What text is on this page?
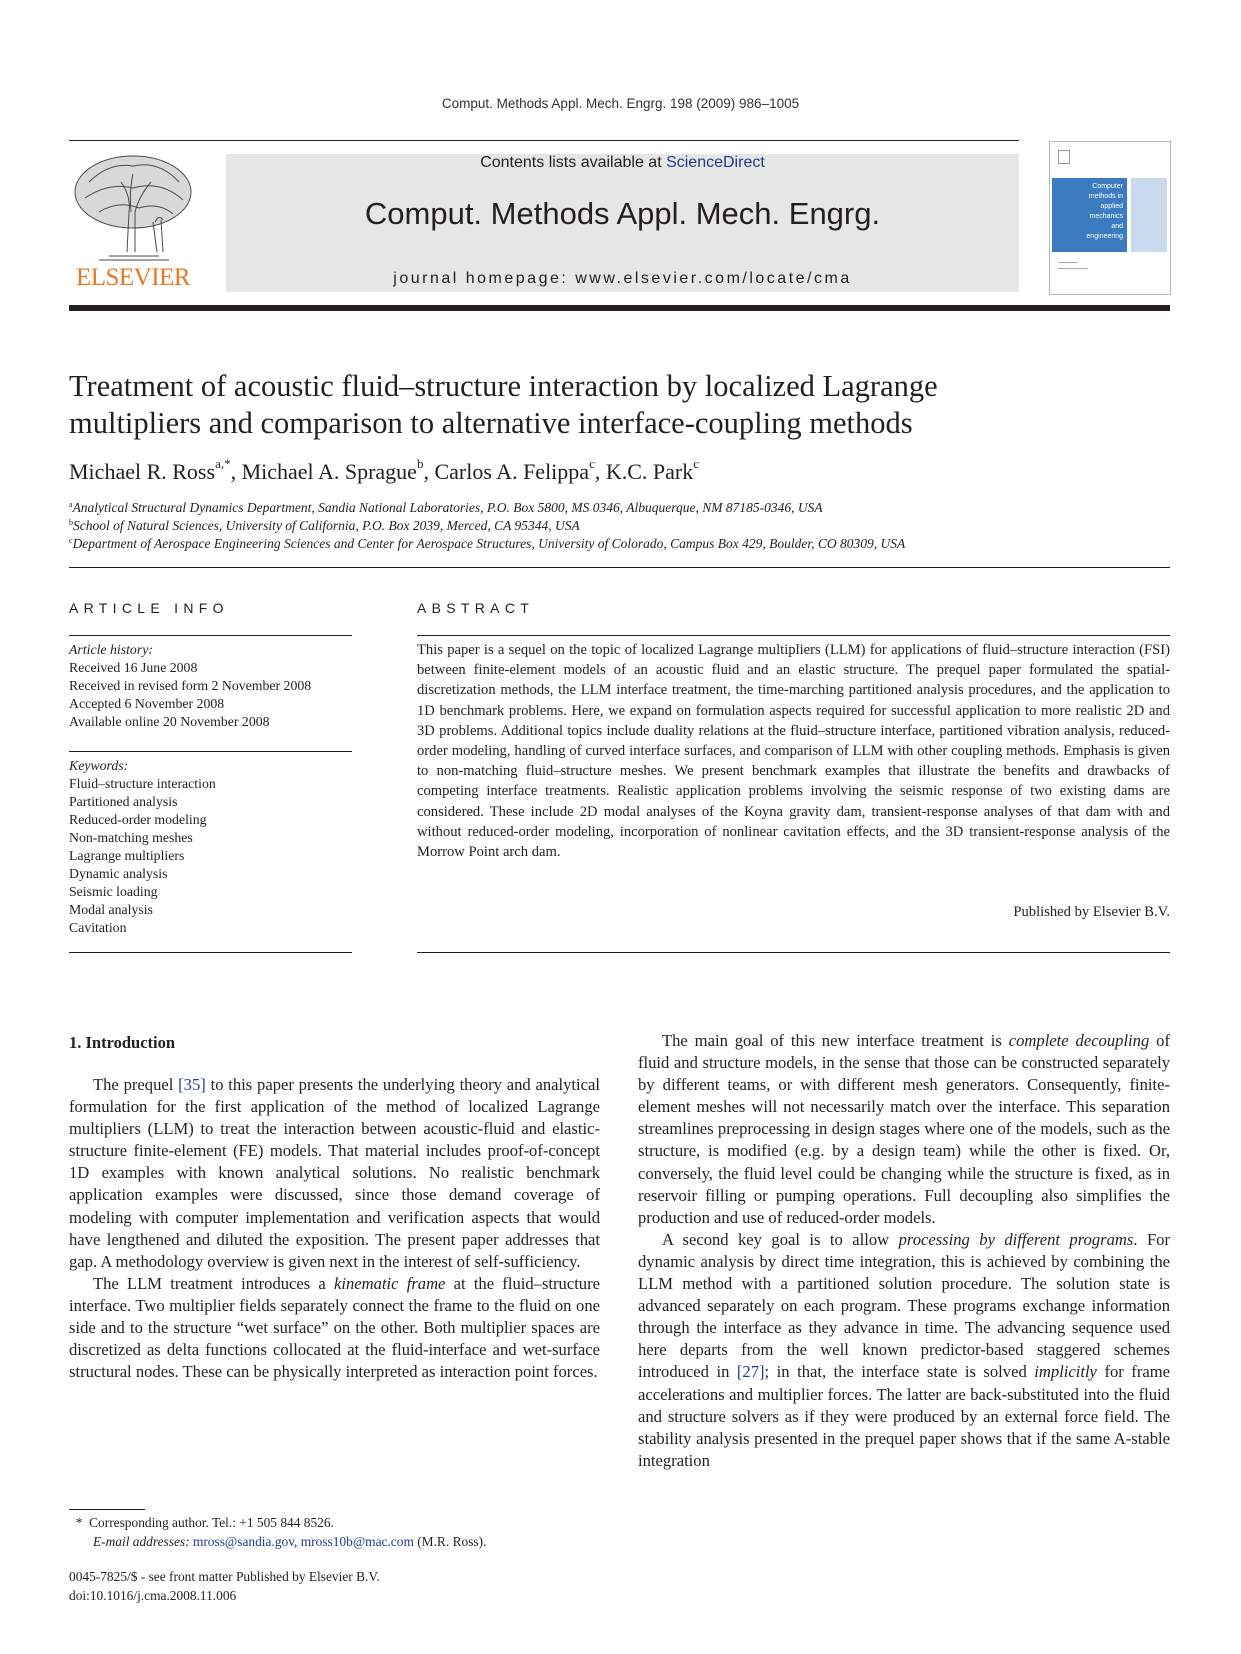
Comput. Methods Appl. Mech. Engrg. 198 (2009) 986–1005
ELSEVIER
Contents lists available at ScienceDirect
Comput. Methods Appl. Mech. Engrg.
journal homepage: www.elsevier.com/locate/cma
Computer
methods in
applied
mechanics
and
engineering
Treatment of acoustic fluid–structure interaction by localized Lagrange
multipliers and comparison to alternative interface-coupling methods
Michael R. Ross$^{a,*}$, Michael A. Sprague$^b$, Carlos A. Felippa$^c$, K.C. Park$^c$
$^a$Analytical Structural Dynamics Department, Sandia National Laboratories, P.O. Box 5800, MS 0346, Albuquerque, NM 87185-0346, USA
$^b$School of Natural Sciences, University of California, P.O. Box 2039, Merced, CA 95344, USA
$^c$Department of Aerospace Engineering Sciences and Center for Aerospace Structures, University of Colorado, Campus Box 429, Boulder, CO 80309, USA
ARTICLE INFO
Article history:
Received 16 June 2008
Received in revised form 2 November 2008
Accepted 6 November 2008
Available online 20 November 2008
Keywords:
Fluid–structure interaction
Partitioned analysis
Reduced-order modeling
Non-matching meshes
Lagrange multipliers
Dynamic analysis
Seismic loading
Modal analysis
Cavitation
ABSTRACT
This paper is a sequel on the topic of localized Lagrange multipliers (LLM) for applications of fluid–structure interaction (FSI) between finite-element models of an acoustic fluid and an elastic structure. The prequel paper formulated the spatial-discretization methods, the LLM interface treatment, the time-marching partitioned analysis procedures, and the application to 1D benchmark problems. Here, we expand on formulation aspects required for successful application to more realistic 2D and 3D problems. Additional topics include duality relations at the fluid–structure interface, partitioned vibration analysis, reduced-order modeling, handling of curved interface surfaces, and comparison of LLM with other coupling methods. Emphasis is given to non-matching fluid–structure meshes. We present benchmark examples that illustrate the benefits and drawbacks of competing interface treatments. Realistic application problems involving the seismic response of two existing dams are considered. These include 2D modal analyses of the Koyna gravity dam, transient-response analyses of that dam with and without reduced-order modeling, incorporation of nonlinear cavitation effects, and the 3D transient-response analysis of the Morrow Point arch dam.
Published by Elsevier B.V.
1. Introduction

The prequel [35] to this paper presents the underlying theory and analytical formulation for the first application of the method of localized Lagrange multipliers (LLM) to treat the interaction between acoustic-fluid and elastic-structure finite-element (FE) models. That material includes proof-of-concept 1D examples with known analytical solutions. No realistic benchmark application examples were discussed, since those demand coverage of modeling with computer implementation and verification aspects that would have lengthened and diluted the exposition. The present paper addresses that gap. A methodology overview is given next in the interest of self-sufficiency.

The LLM treatment introduces a kinematic frame at the fluid–structure interface. Two multiplier fields separately connect the frame to the fluid on one side and to the structure “wet surface” on the other. Both multiplier spaces are discretized as delta functions collocated at the fluid-interface and wet-surface structural nodes. These can be physically interpreted as interaction point forces.

The main goal of this new interface treatment is complete decoupling of fluid and structure models, in the sense that those can be constructed separately by different teams, or with different mesh generators. Consequently, finite-element meshes will not necessarily match over the interface. This separation streamlines preprocessing in design stages where one of the models, such as the structure, is modified (e.g. by a design team) while the other is fixed. Or, conversely, the fluid level could be changing while the structure is fixed, as in reservoir filling or pumping operations. Full decoupling also simplifies the production and use of reduced-order models.

A second key goal is to allow processing by different programs. For dynamic analysis by direct time integration, this is achieved by combining the LLM method with a partitioned solution procedure. The solution state is advanced separately on each program. These programs exchange information through the interface as they advance in time. The advancing sequence used here departs from the well known predictor-based staggered schemes introduced in [27]; in that, the interface state is solved implicitly for frame accelerations and multiplier forces. The latter are back-substituted into the fluid and structure solvers as if they were produced by an external force field. The stability analysis presented in the prequel paper shows that if the same A-stable integration

* Corresponding author. Tel.: +1 505 844 8526.
E-mail addresses: mross@sandia.gov, mross10b@mac.com (M.R. Ross).
0045-7825/$ - see front matter Published by Elsevier B.V.
doi:10.1016/j.cma.2008.11.006
